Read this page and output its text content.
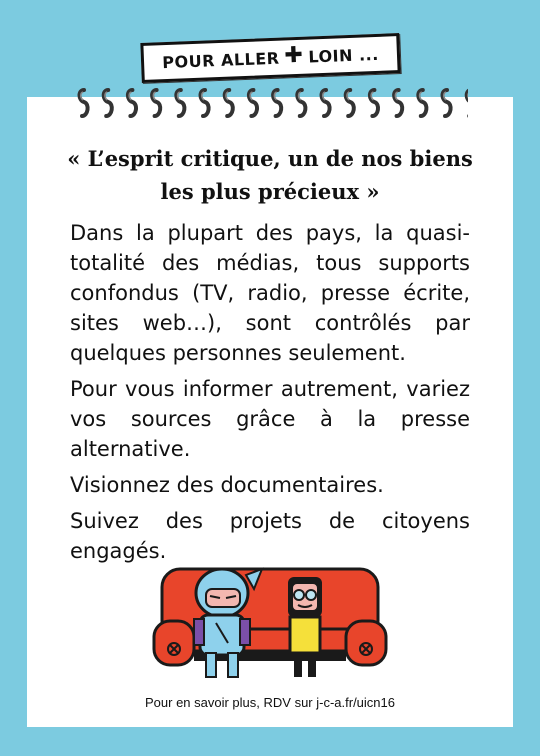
POUR ALLER ✚ LOIN ...
« L’esprit critique, un de nos biens
les plus précieux »

Dans la plupart des pays, la quasi-totalité des médias, tous supports confondus (TV, radio, presse écrite, sites web…), sont contrôlés par quelques personnes seulement.

Pour vous informer autrement, variez vos sources grâce à la presse alternative.

Visionnez des documentaires.

Suivez des projets de citoyens engagés.

Pour en savoir plus, RDV sur j-c-a.fr/uicn16
